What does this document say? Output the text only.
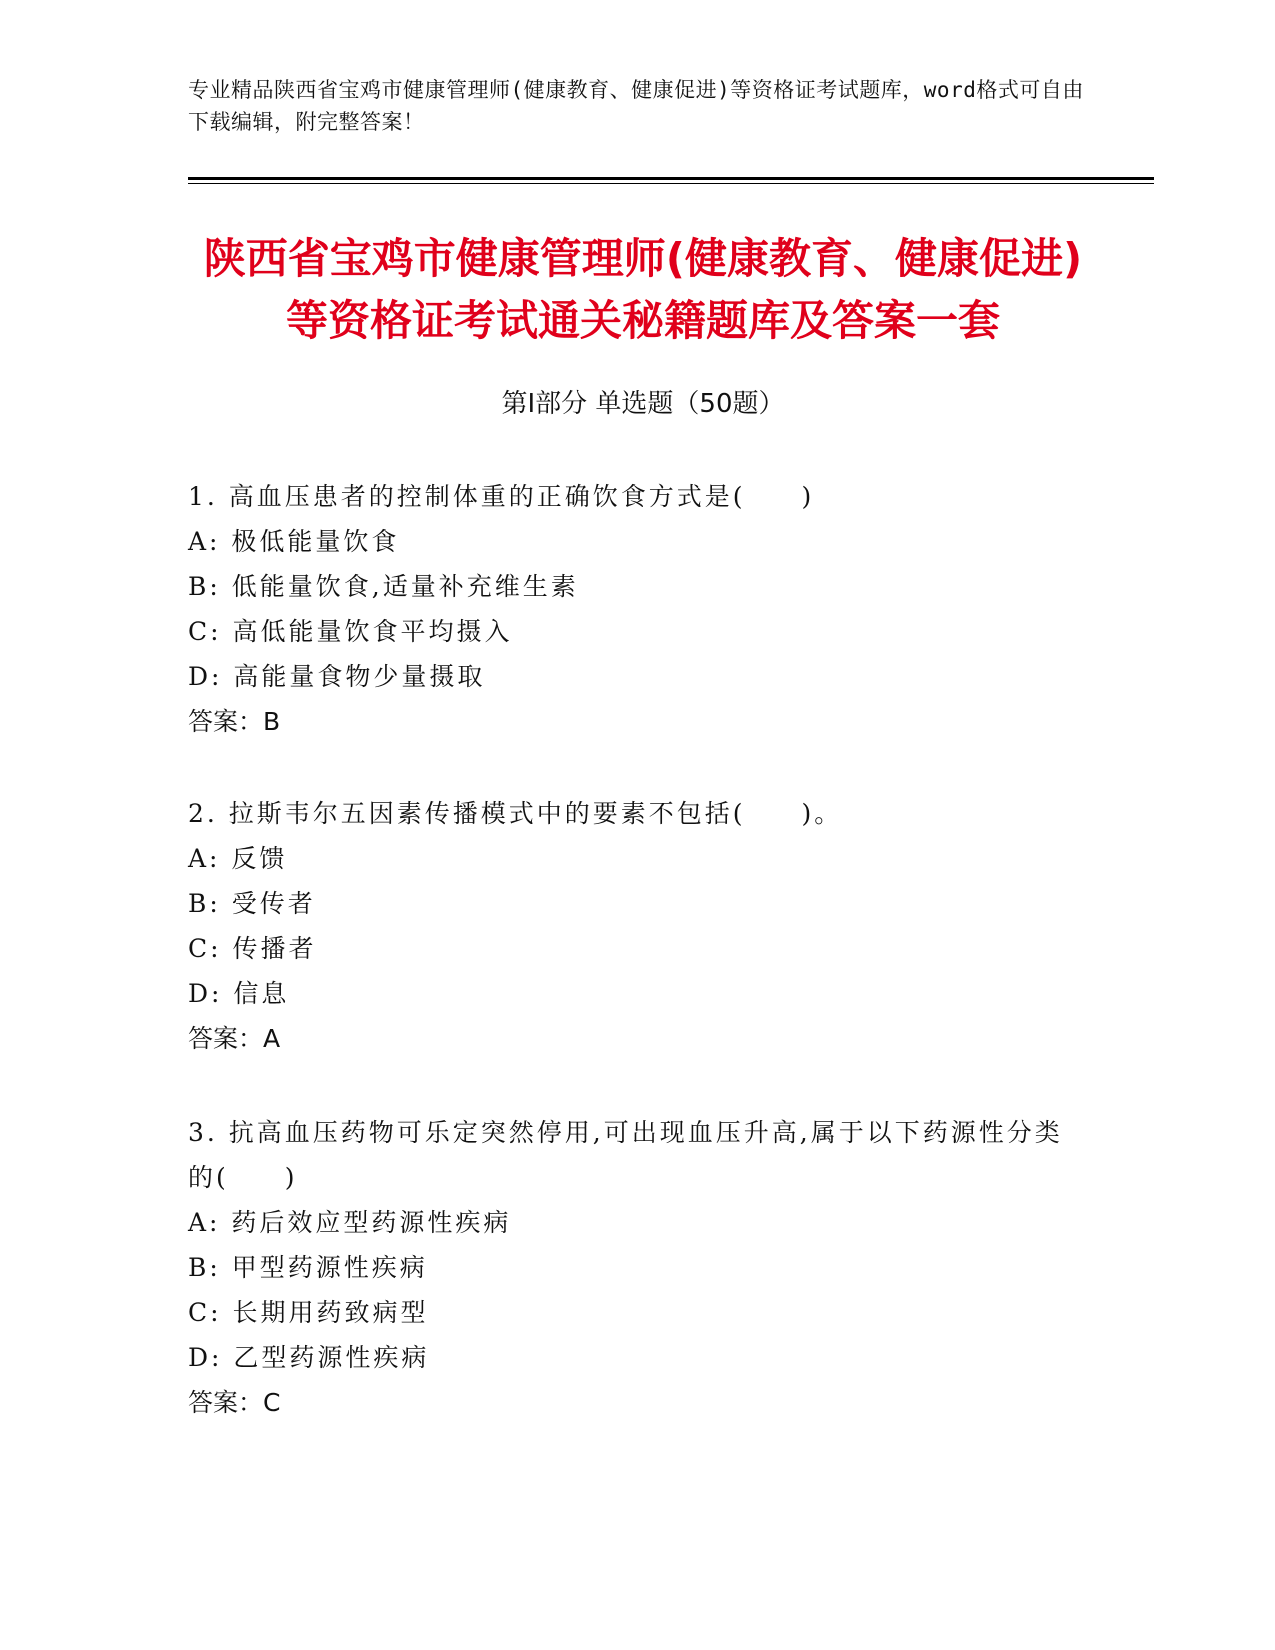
专业精品陕西省宝鸡市健康管理师(健康教育、健康促进)等资格证考试题库，word格式可自由下载编辑，附完整答案！
陕西省宝鸡市健康管理师(健康教育、健康促进)等资格证考试通关秘籍题库及答案一套
第Ⅰ部分 单选题（50题）
1. 高血压患者的控制体重的正确饮食方式是(　　)
A: 极低能量饮食
B: 低能量饮食,适量补充维生素
C: 高低能量饮食平均摄入
D: 高能量食物少量摄取
答案：B
2. 拉斯韦尔五因素传播模式中的要素不包括(　　)。
A: 反馈
B: 受传者
C: 传播者
D: 信息
答案：A
3. 抗高血压药物可乐定突然停用,可出现血压升高,属于以下药源性分类的(　　)
A: 药后效应型药源性疾病
B: 甲型药源性疾病
C: 长期用药致病型
D: 乙型药源性疾病
答案：C
